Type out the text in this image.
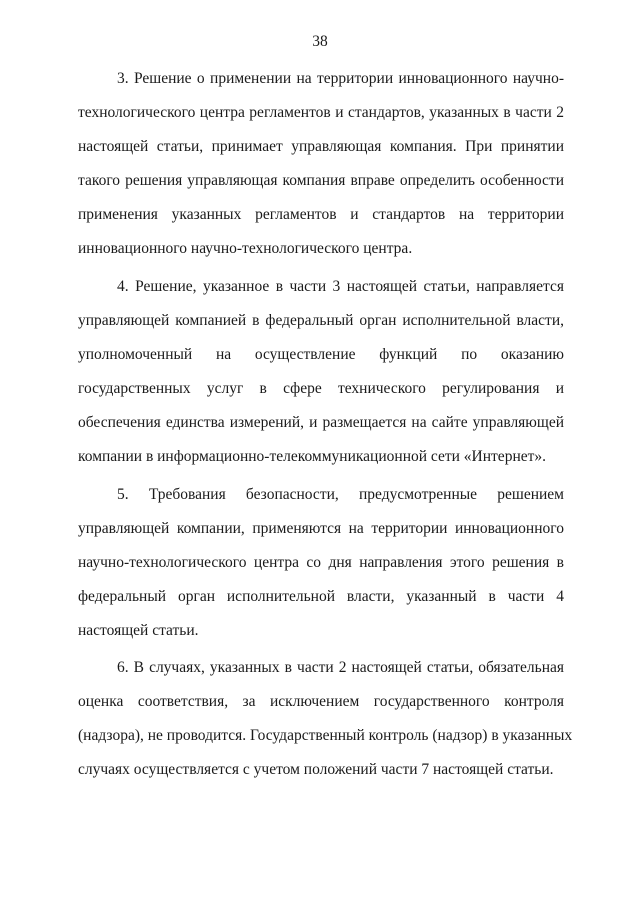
38
3. Решение о применении на территории инновационного научно-
технологического центра регламентов и стандартов, указанных в части 2
настоящей статьи, принимает управляющая компания. При принятии
такого решения управляющая компания вправе определить особенности
применения указанных регламентов и стандартов на территории
инновационного научно-технологического центра.
4. Решение, указанное в части 3 настоящей статьи, направляется
управляющей компанией в федеральный орган исполнительной власти,
уполномоченный на осуществление функций по оказанию
государственных услуг в сфере технического регулирования и
обеспечения единства измерений, и размещается на сайте управляющей
компании в информационно-телекоммуникационной сети «Интернет».
5. Требования безопасности, предусмотренные решением
управляющей компании, применяются на территории инновационного
научно-технологического центра со дня направления этого решения в
федеральный орган исполнительной власти, указанный в части 4
настоящей статьи.
6. В случаях, указанных в части 2 настоящей статьи, обязательная
оценка соответствия, за исключением государственного контроля
(надзора), не проводится. Государственный контроль (надзор) в указанных
случаях осуществляется с учетом положений части 7 настоящей статьи.
